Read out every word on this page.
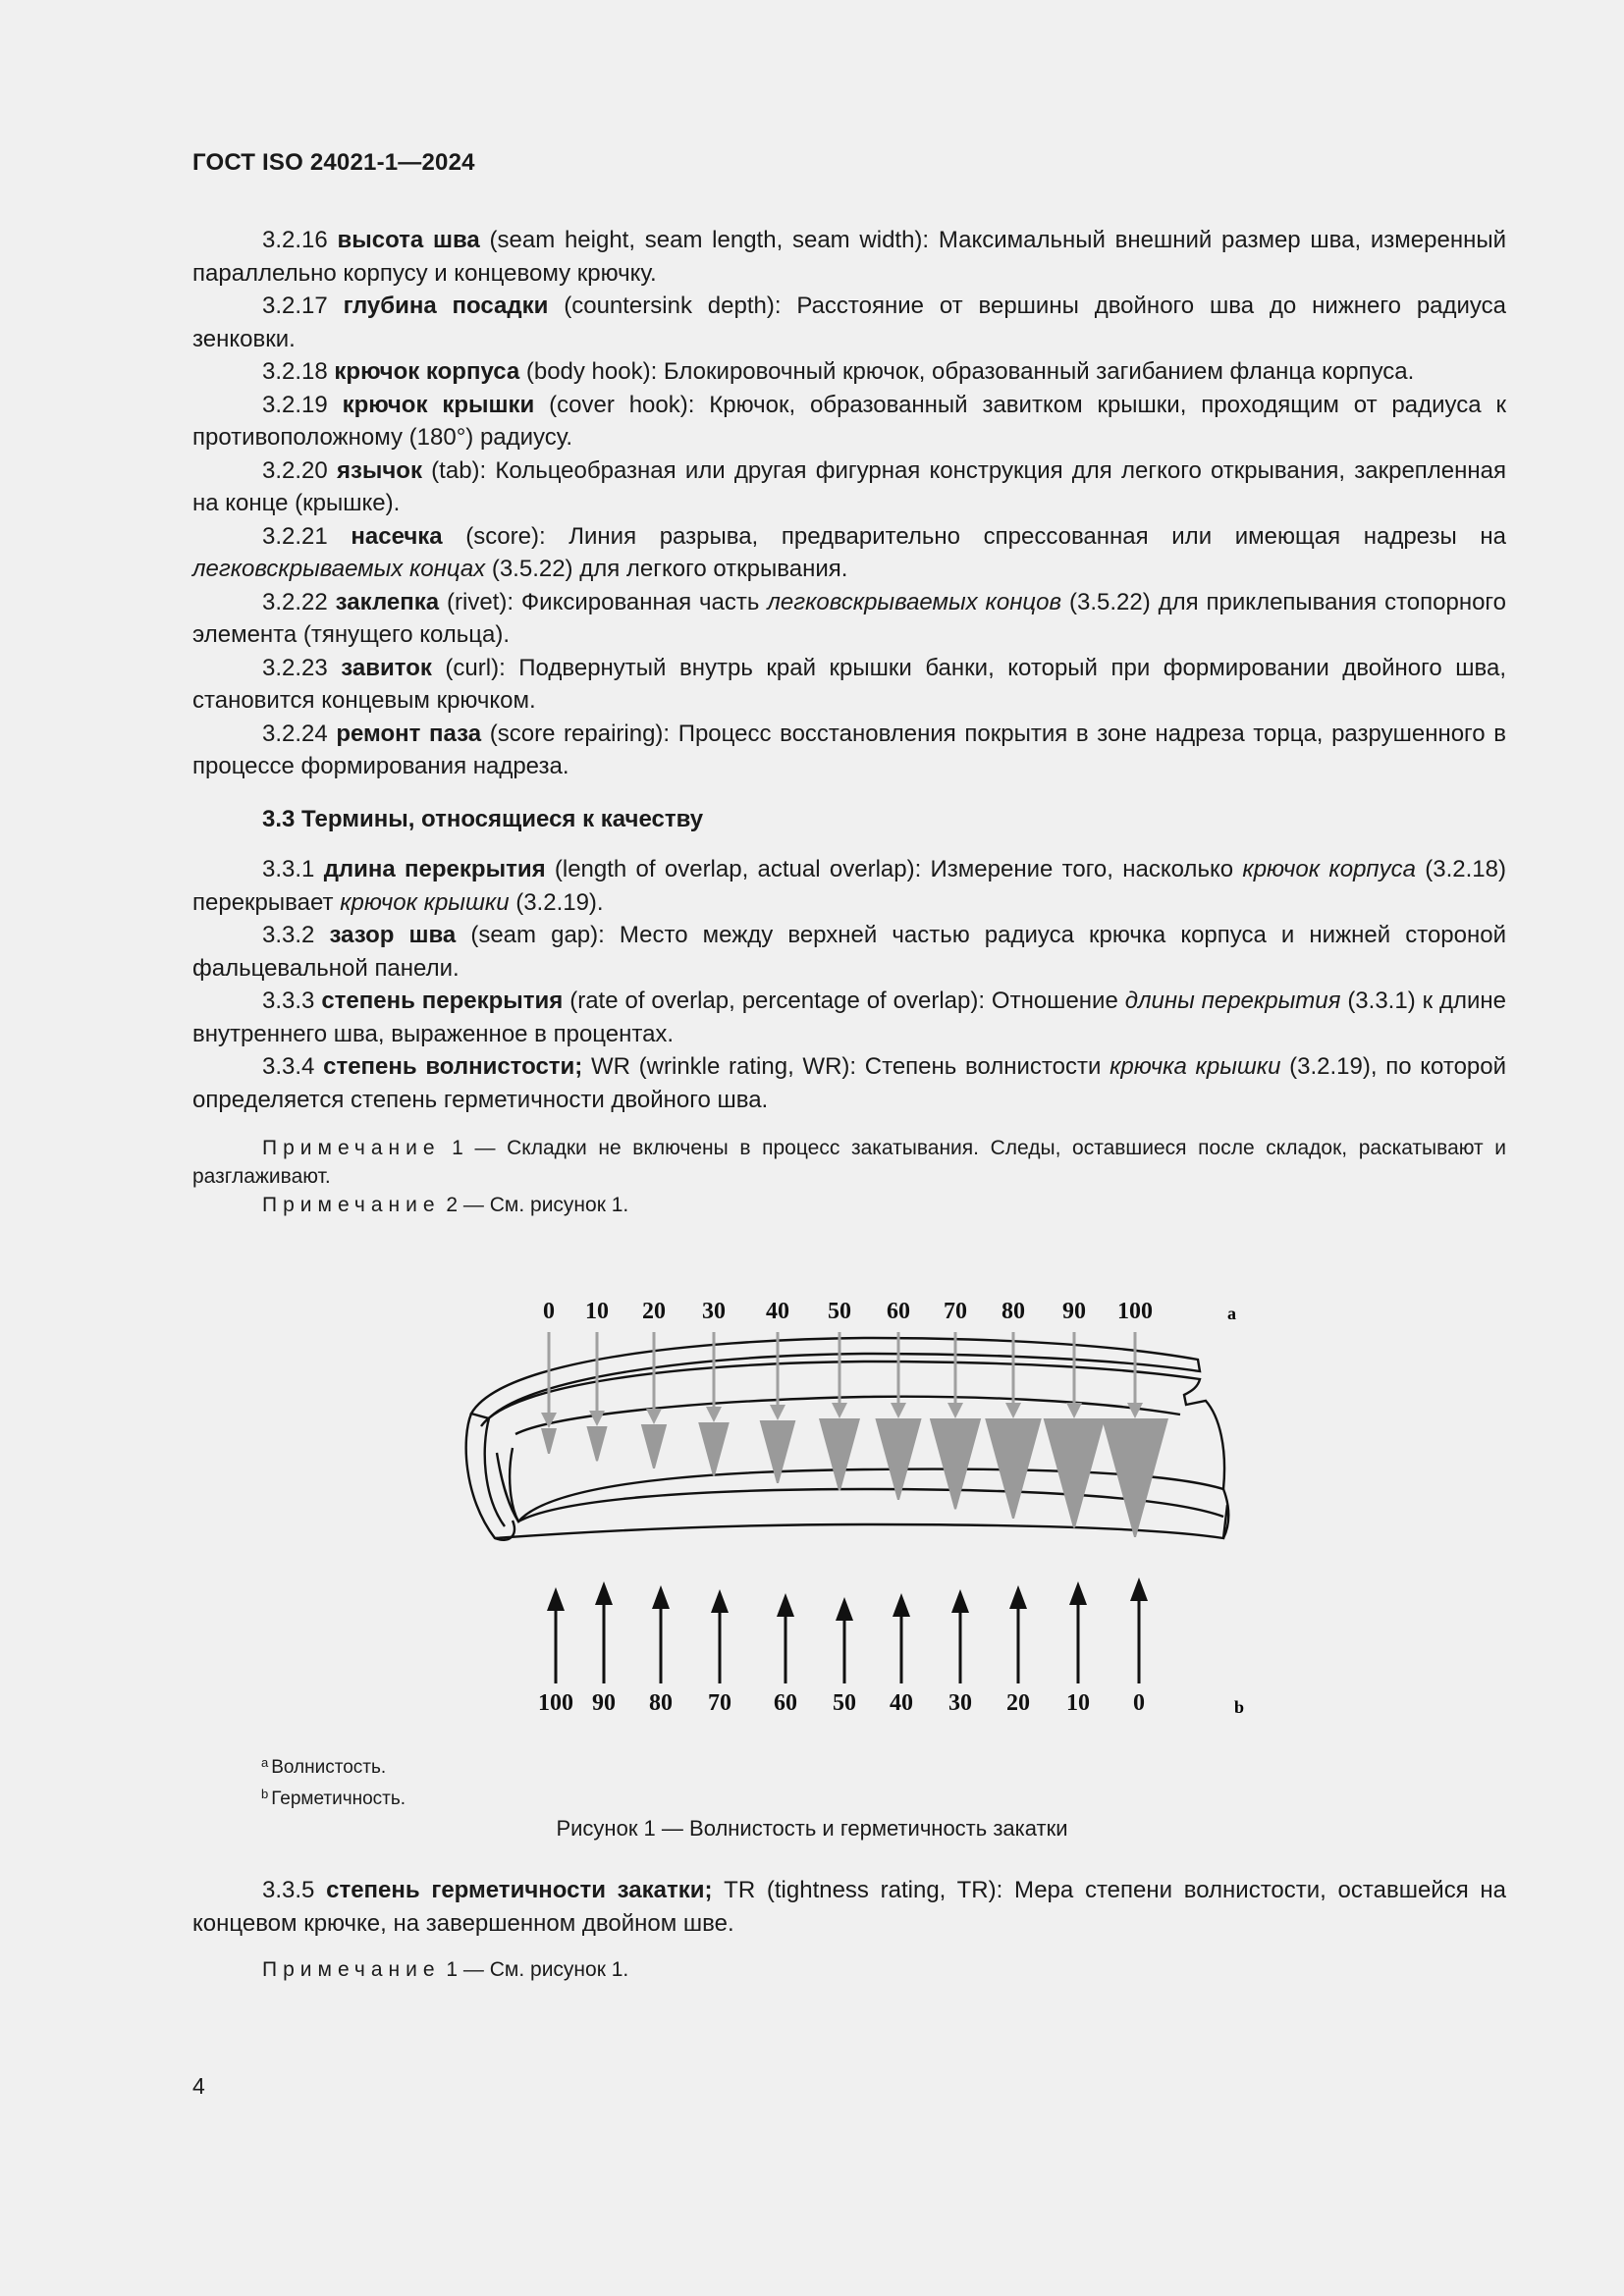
ГОСТ ISO 24021-1—2024

3.2.16 высота шва (seam height, seam length, seam width): Максимальный внешний размер шва, измеренный параллельно корпусу и концевому крючку.

3.2.17 глубина посадки (countersink depth): Расстояние от вершины двойного шва до нижнего радиуса зенковки.

3.2.18 крючок корпуса (body hook): Блокировочный крючок, образованный загибанием фланца корпуса.

3.2.19 крючок крышки (cover hook): Крючок, образованный завитком крышки, проходящим от радиуса к противоположному (180°) радиусу.

3.2.20 язычок (tab): Кольцеобразная или другая фигурная конструкция для легкого открывания, закрепленная на конце (крышке).

3.2.21 насечка (score): Линия разрыва, предварительно спрессованная или имеющая надрезы на легковскрываемых концах (3.5.22) для легкого открывания.

3.2.22 заклепка (rivet): Фиксированная часть легковскрываемых концов (3.5.22) для приклепывания стопорного элемента (тянущего кольца).

3.2.23 завиток (curl): Подвернутый внутрь край крышки банки, который при формировании двойного шва, становится концевым крючком.

3.2.24 ремонт паза (score repairing): Процесс восстановления покрытия в зоне надреза торца, разрушенного в процессе формирования надреза.

3.3 Термины, относящиеся к качеству

3.3.1 длина перекрытия (length of overlap, actual overlap): Измерение того, насколько крючок корпуса (3.2.18) перекрывает крючок крышки (3.2.19).

3.3.2 зазор шва (seam gap): Место между верхней частью радиуса крючка корпуса и нижней стороной фальцевальной панели.

3.3.3 степень перекрытия (rate of overlap, percentage of overlap): Отношение длины перекрытия (3.3.1) к длине внутреннего шва, выраженное в процентах.

3.3.4 степень волнистости; WR (wrinkle rating, WR): Степень волнистости крючка крышки (3.2.19), по которой определяется степень герметичности двойного шва.

Примечание 1 — Складки не включены в процесс закатывания. Следы, оставшиеся после складок, раскатывают и разглаживают.

Примечание 2 — См. рисунок 1.

0 10 20 30 40 50 60 70 80 90 100
100 90 80 70 60 50 40 30 20 10 0
a
b
$^a$ Волнистость.
$^b$ Герметичность.
Рисунок 1 — Волнистость и герметичность закатки

3.3.5 степень герметичности закатки; TR (tightness rating, TR): Мера степени волнистости, оставшейся на концевом крючке, на завершенном двойном шве.

Примечание 1 — См. рисунок 1.

4
